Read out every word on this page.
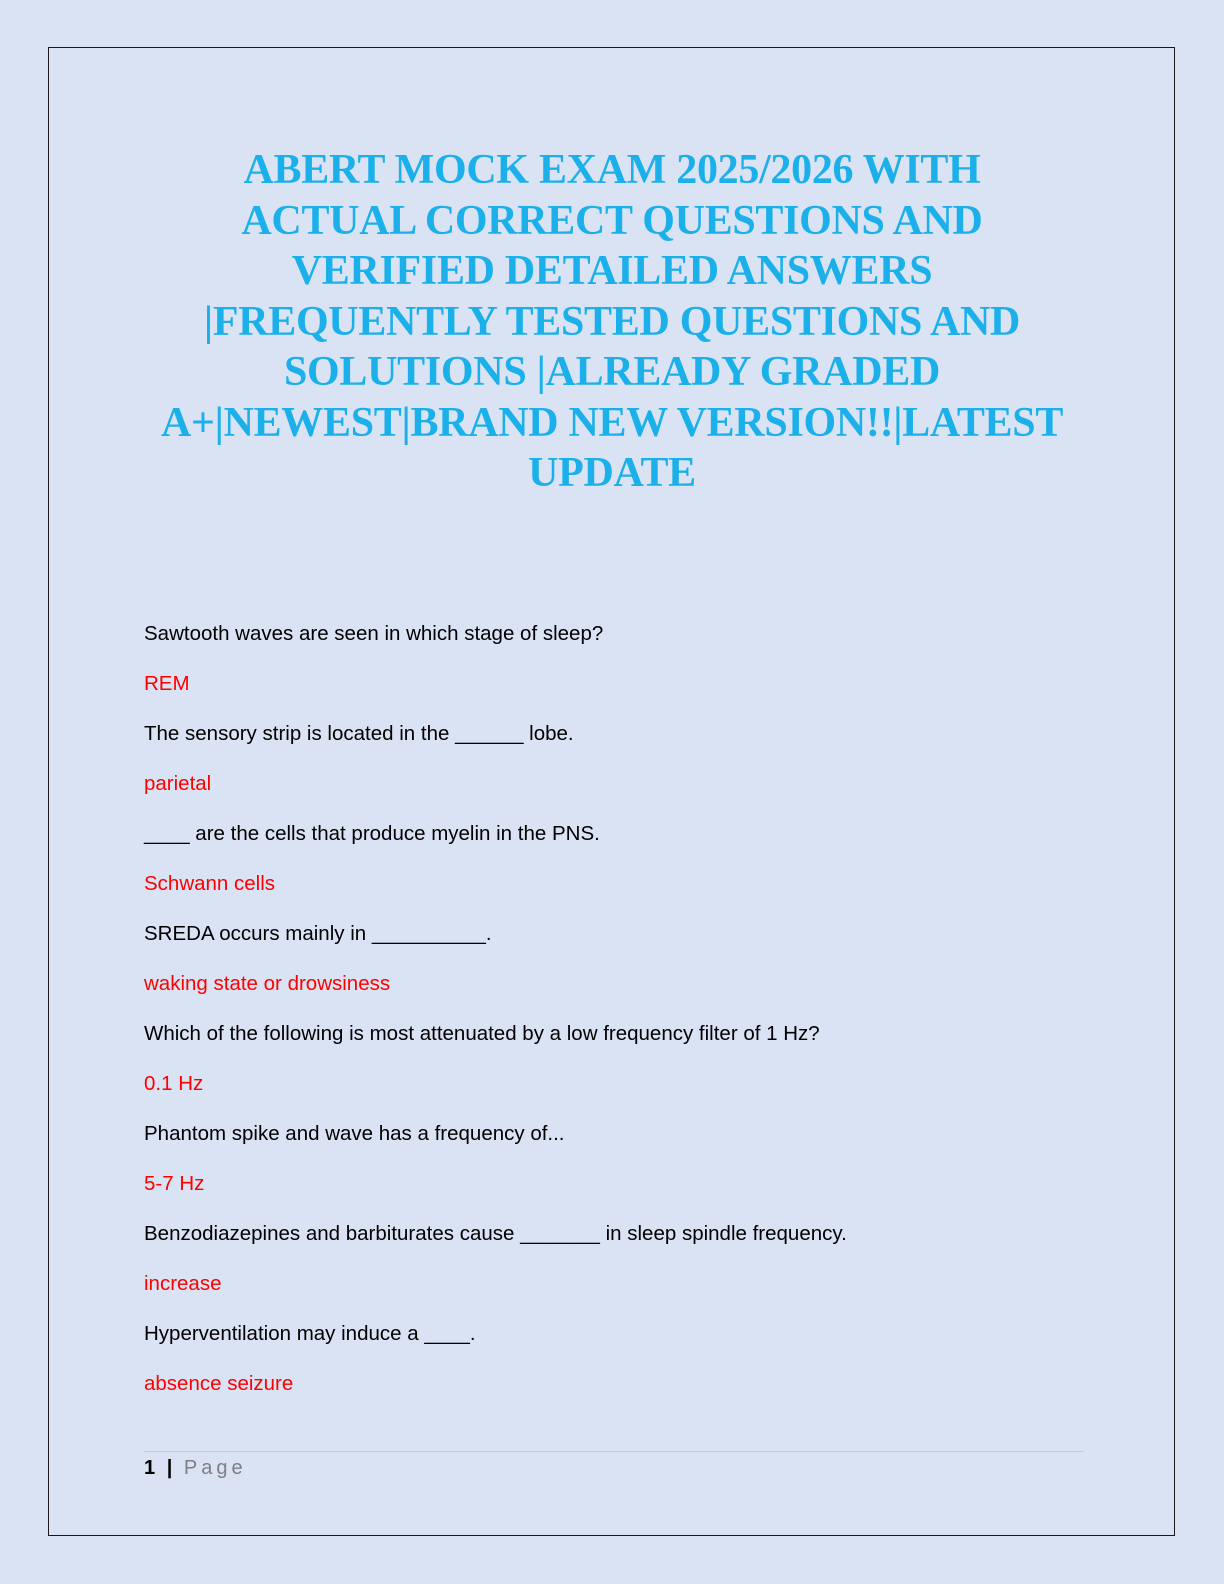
ABERT MOCK EXAM 2025/2026 WITH
ACTUAL CORRECT QUESTIONS AND
VERIFIED DETAILED ANSWERS
|FREQUENTLY TESTED QUESTIONS AND
SOLUTIONS |ALREADY GRADED
A+|NEWEST|BRAND NEW VERSION!!|LATEST
UPDATE
Sawtooth waves are seen in which stage of sleep?
REM
The sensory strip is located in the ______ lobe.
parietal
____ are the cells that produce myelin in the PNS.
Schwann cells
SREDA occurs mainly in __________.
waking state or drowsiness
Which of the following is most attenuated by a low frequency filter of 1 Hz?
0.1 Hz
Phantom spike and wave has a frequency of...
5-7 Hz
Benzodiazepines and barbiturates cause _______ in sleep spindle frequency.
increase
Hyperventilation may induce a ____.
absence seizure
1 | Page
